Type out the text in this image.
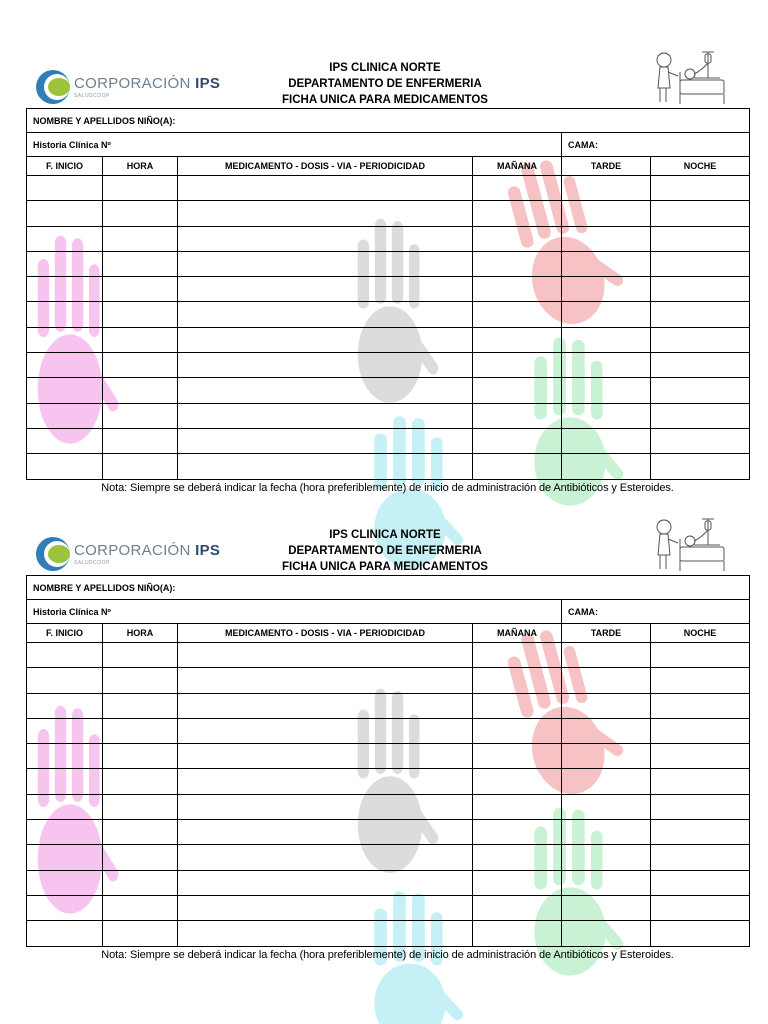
CORPORACIÓN IPS
SALUDCOOP
IPS CLINICA NORTE
DEPARTAMENTO DE ENFERMERIA
FICHA UNICA PARA MEDICAMENTOS
NOMBRE Y APELLIDOS NIÑO(A):					
Historia Clínica Nº				CAMA:	
F. INICIO	HORA	MEDICAMENTO - DOSIS - VIA - PERIODICIDAD	MAÑANA	TARDE	NOCHE

Nota: Siempre se deberá indicar la fecha (hora preferiblemente) de inicio de administración de Antibióticos y Esteroides.
CORPORACIÓN IPS
SALUDCOOP
IPS CLINICA NORTE
DEPARTAMENTO DE ENFERMERIA
FICHA UNICA PARA MEDICAMENTOS
NOMBRE Y APELLIDOS NIÑO(A):					
Historia Clínica Nº				CAMA:	
F. INICIO	HORA	MEDICAMENTO - DOSIS - VIA - PERIODICIDAD	MAÑANA	TARDE	NOCHE

Nota: Siempre se deberá indicar la fecha (hora preferiblemente) de inicio de administración de Antibióticos y Esteroides.
